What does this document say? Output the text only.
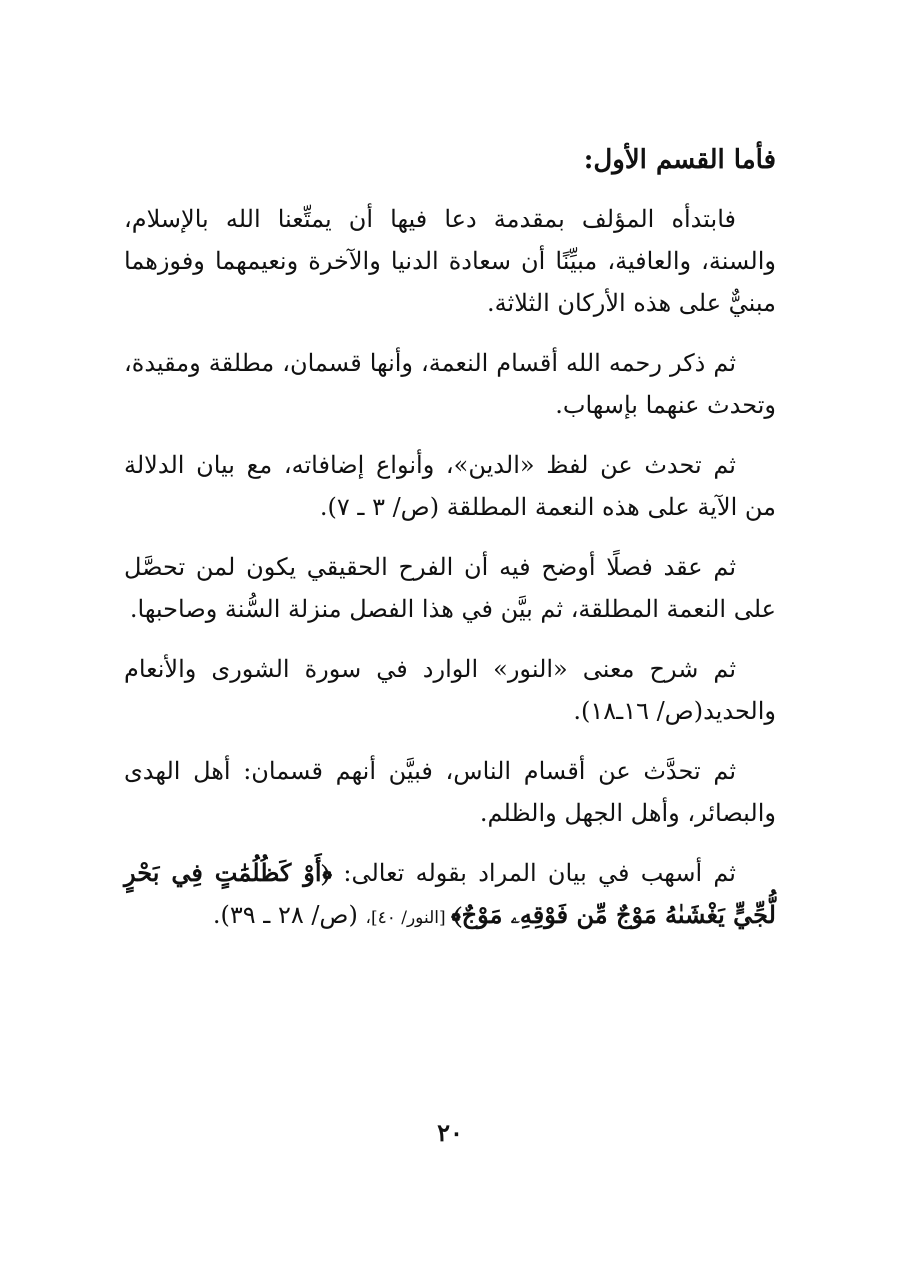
فأما القسم الأول:

فابتدأه المؤلف بمقدمة دعا فيها أن يمتِّعنا الله بالإسلام، والسنة، والعافية، مبيِّنًا أن سعادة الدنيا والآخرة ونعيمهما وفوزهما مبنيٌّ على هذه الأركان الثلاثة.

ثم ذكر رحمه الله أقسام النعمة، وأنها قسمان، مطلقة ومقيدة، وتحدث عنهما بإسهاب.

ثم تحدث عن لفظ «الدين»، وأنواع إضافاته، مع بيان الدلالة من الآية على هذه النعمة المطلقة (ص/ ٣ ـ ٧).

ثم عقد فصلًا أوضح فيه أن الفرح الحقيقي يكون لمن تحصَّل على النعمة المطلقة، ثم بيَّن في هذا الفصل منزلة السُّنة وصاحبها.

ثم شرح معنى «النور» الوارد في سورة الشورى والأنعام والحديد(ص/ ١٦ـ١٨).

ثم تحدَّث عن أقسام الناس، فبيَّن أنهم قسمان: أهل الهدى والبصائر، وأهل الجهل والظلم.

ثم أسهب في بيان المراد بقوله تعالى: ﴿أَوْ كَظُلُمَٰتٍ فِي بَحْرٍ لُّجِّيٍّ يَغْشَىٰهُ مَوْجٌ مِّن فَوْقِهِۦ مَوْجٌ﴾ [النور/ ٤٠]، (ص/ ٢٨ ـ ٣٩).

٢٠
